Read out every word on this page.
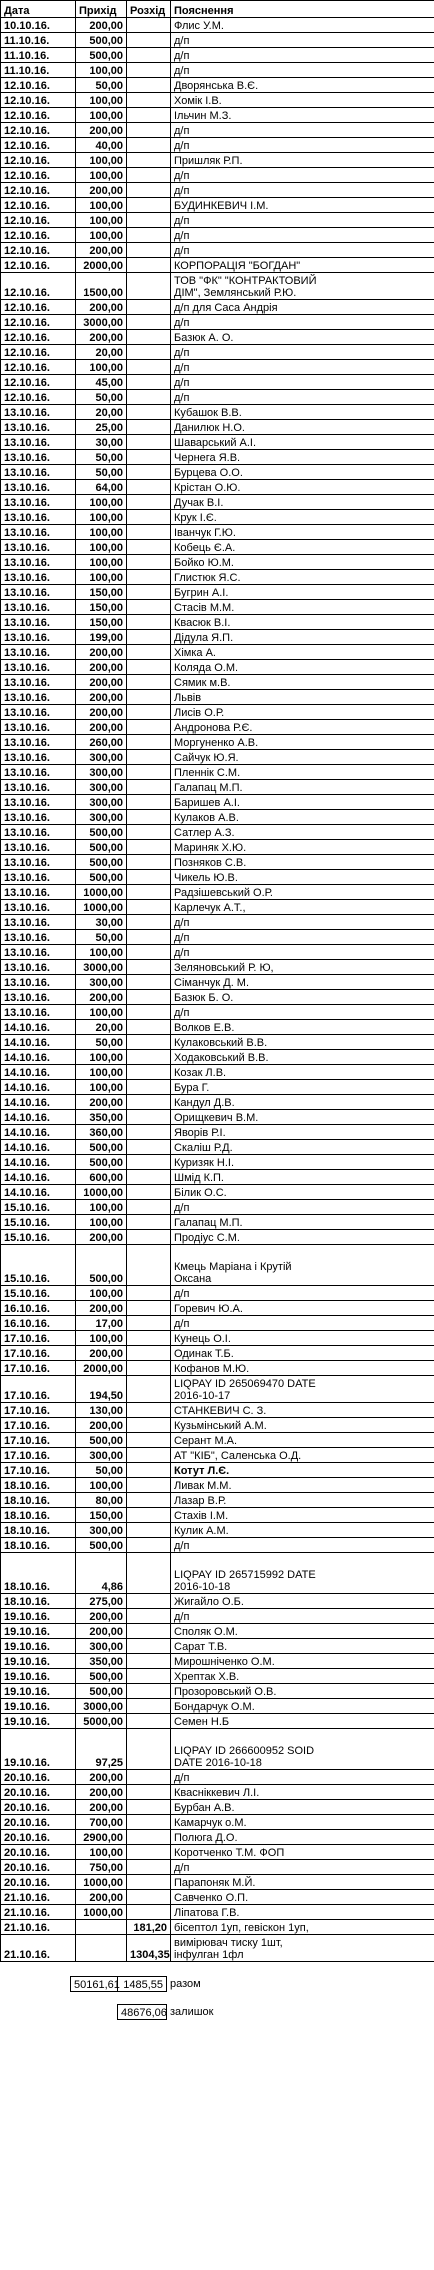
Дата	Прихід	Розхід	Пояснення
10.10.16.	200,00		Флис У.М.
11.10.16.	500,00		д/п
11.10.16.	500,00		д/п
11.10.16.	100,00		д/п
12.10.16.	50,00		Дворянська В.Є.
12.10.16.	100,00		Хомік І.В.
12.10.16.	100,00		Ільчин М.З.
12.10.16.	200,00		д/п
12.10.16.	40,00		д/п
12.10.16.	100,00		Пришляк Р.П.
12.10.16.	100,00		д/п
12.10.16.	200,00		д/п
12.10.16.	100,00		БУДИНКЕВИЧ І.М.
12.10.16.	100,00		д/п
12.10.16.	100,00		д/п
12.10.16.	200,00		д/п
12.10.16.	2000,00		КОРПОРАЦІЯ "БОГДАН"
12.10.16.	1500,00		ТОВ "ФК" "КОНТРАКТОВИЙ
ДІМ", Землянський Р.Ю.
12.10.16.	200,00		д/п для Саса Андрія
12.10.16.	3000,00		д/п
12.10.16.	200,00		Базюк А. О.
12.10.16.	20,00		д/п
12.10.16.	100,00		д/п
12.10.16.	45,00		д/п
12.10.16.	50,00		д/п
13.10.16.	20,00		Кубашок В.В.
13.10.16.	25,00		Данилюк Н.О.
13.10.16.	30,00		Шаварський А.І.
13.10.16.	50,00		Чернега Я.В.
13.10.16.	50,00		Бурцева О.О.
13.10.16.	64,00		Крістан О.Ю.
13.10.16.	100,00		Дучак В.І.
13.10.16.	100,00		Крук І.Є.
13.10.16.	100,00		Іванчук Г.Ю.
13.10.16.	100,00		Кобець Є.А.
13.10.16.	100,00		Бойко Ю.М.
13.10.16.	100,00		Глистюк Я.С.
13.10.16.	150,00		Бугрин А.І.
13.10.16.	150,00		Стасів М.М.
13.10.16.	150,00		Квасюк В.І.
13.10.16.	199,00		Дідула Я.П.
13.10.16.	200,00		Хімка А.
13.10.16.	200,00		Коляда О.М.
13.10.16.	200,00		Сямик м.В.
13.10.16.	200,00		Львів
13.10.16.	200,00		Лисів О.Р.
13.10.16.	200,00		Андронова Р.Є.
13.10.16.	260,00		Моргуненко А.В.
13.10.16.	300,00		Сайчук Ю.Я.
13.10.16.	300,00		Пленнік С.М.
13.10.16.	300,00		Галапац М.П.
13.10.16.	300,00		Баришев А.І.
13.10.16.	300,00		Кулаков А.В.
13.10.16.	500,00		Сатлер А.З.
13.10.16.	500,00		Мариняк Х.Ю.
13.10.16.	500,00		Позняков С.В.
13.10.16.	500,00		Чикель Ю.В.
13.10.16.	1000,00		Радзішевський О.Р.
13.10.16.	1000,00		Карлечук А.Т.,
13.10.16.	30,00		д/п
13.10.16.	50,00		д/п
13.10.16.	100,00		д/п
13.10.16.	3000,00		Зеляновський Р. Ю,
13.10.16.	300,00		Сіманчук Д. М.
13.10.16.	200,00		Базюк Б. О.
13.10.16.	100,00		д/п
14.10.16.	20,00		Волков Е.В.
14.10.16.	50,00		Кулаковський В.В.
14.10.16.	100,00		Ходаковський В.В.
14.10.16.	100,00		Козак Л.В.
14.10.16.	100,00		Бура Г.
14.10.16.	200,00		Кандул Д.В.
14.10.16.	350,00		Орищкевич В.М.
14.10.16.	360,00		Яворів Р.І.
14.10.16.	500,00		Скаліш Р.Д.
14.10.16.	500,00		Куризяк Н.І.
14.10.16.	600,00		Шмід К.П.
14.10.16.	1000,00		Білик О.С.
15.10.16.	100,00		д/п
15.10.16.	100,00		Галапац М.П.
15.10.16.	200,00		Продіус С.М.
15.10.16.	500,00		Кмець Маріана і Крутій
Оксана
15.10.16.	100,00		д/п
16.10.16.	200,00		Горевич Ю.А.
16.10.16.	17,00		д/п
17.10.16.	100,00		Кунець О.І.
17.10.16.	200,00		Одинак Т.Б.
17.10.16.	2000,00		Кофанов М.Ю.
17.10.16.	194,50		LIQPAY ID 265069470 DATE
2016-10-17
17.10.16.	130,00		СТАНКЕВИЧ С. З.
17.10.16.	200,00		Кузьмінський А.М.
17.10.16.	500,00		Серант М.А.
17.10.16.	300,00		АТ "КІБ", Саленська О.Д.
17.10.16.	50,00		Котут Л.Є.
18.10.16.	100,00		Ливак М.М.
18.10.16.	80,00		Лазар В.Р.
18.10.16.	150,00		Стахів І.М.
18.10.16.	300,00		Кулик А.М.
18.10.16.	500,00		д/п
18.10.16.	4,86		LIQPAY ID 265715992 DATE
2016-10-18
18.10.16.	275,00		Жигайло О.Б.
19.10.16.	200,00		д/п
19.10.16.	200,00		Споляк О.М.
19.10.16.	300,00		Сарат Т.В.
19.10.16.	350,00		Мирошніченко О.М.
19.10.16.	500,00		Хрептак Х.В.
19.10.16.	500,00		Прозоровський О.В.
19.10.16.	3000,00		Бондарчук О.М.
19.10.16.	5000,00		Семен Н.Б
19.10.16.	97,25		LIQPAY ID 266600952 SOID
DATE 2016-10-18
20.10.16.	200,00		д/п
20.10.16.	200,00		Квасніккевич Л.І.
20.10.16.	200,00		Бурбан А.В.
20.10.16.	700,00		Камарчук о.М.
20.10.16.	2900,00		Полюга Д.О.
20.10.16.	100,00		Коротченко Т.М. ФОП
20.10.16.	750,00		д/п
20.10.16.	1000,00		Парапоняк М.Й.
21.10.16.	200,00		Савченко О.П.
21.10.16.	1000,00		Ліпатова Г.В.
21.10.16.		181,20	бісептол 1уп, гевіскон 1уп,
21.10.16.		1304,35	вимірювач тиску 1шт,
інфулган 1фл
50161,61 1485,55 разом
48676,06 залишок
